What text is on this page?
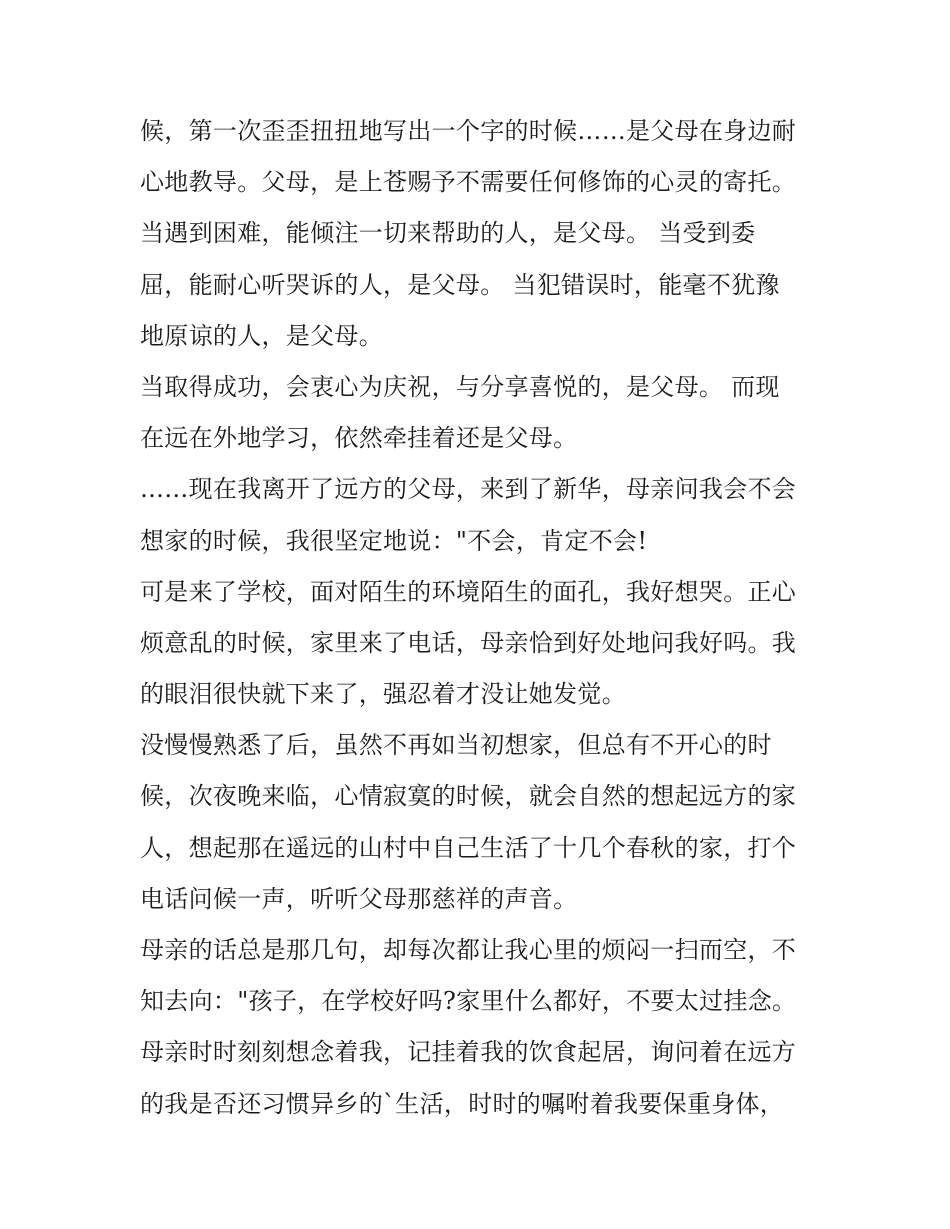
候，第一次歪歪扭扭地写出一个字的时候……是父母在身边耐
心地教导。父母，是上苍赐予不需要任何修饰的心灵的寄托。
当遇到困难，能倾注一切来帮助的人，是父母。 当受到委
屈，能耐心听哭诉的人，是父母。 当犯错误时，能毫不犹豫
地原谅的人，是父母。
当取得成功，会衷心为庆祝，与分享喜悦的，是父母。 而现
在远在外地学习，依然牵挂着还是父母。
……现在我离开了远方的父母，来到了新华，母亲问我会不会
想家的时候，我很坚定地说："不会，肯定不会!
可是来了学校，面对陌生的环境陌生的面孔，我好想哭。正心
烦意乱的时候，家里来了电话，母亲恰到好处地问我好吗。我
的眼泪很快就下来了，强忍着才没让她发觉。
没慢慢熟悉了后，虽然不再如当初想家，但总有不开心的时
候，次夜晚来临，心情寂寞的时候，就会自然的想起远方的家
人，想起那在遥远的山村中自己生活了十几个春秋的家，打个
电话问候一声，听听父母那慈祥的声音。
母亲的话总是那几句，却每次都让我心里的烦闷一扫而空，不
知去向："孩子，在学校好吗?家里什么都好，不要太过挂念。
母亲时时刻刻想念着我，记挂着我的饮食起居，询问着在远方
的我是否还习惯异乡的`生活，时时的嘱咐着我要保重身体，
